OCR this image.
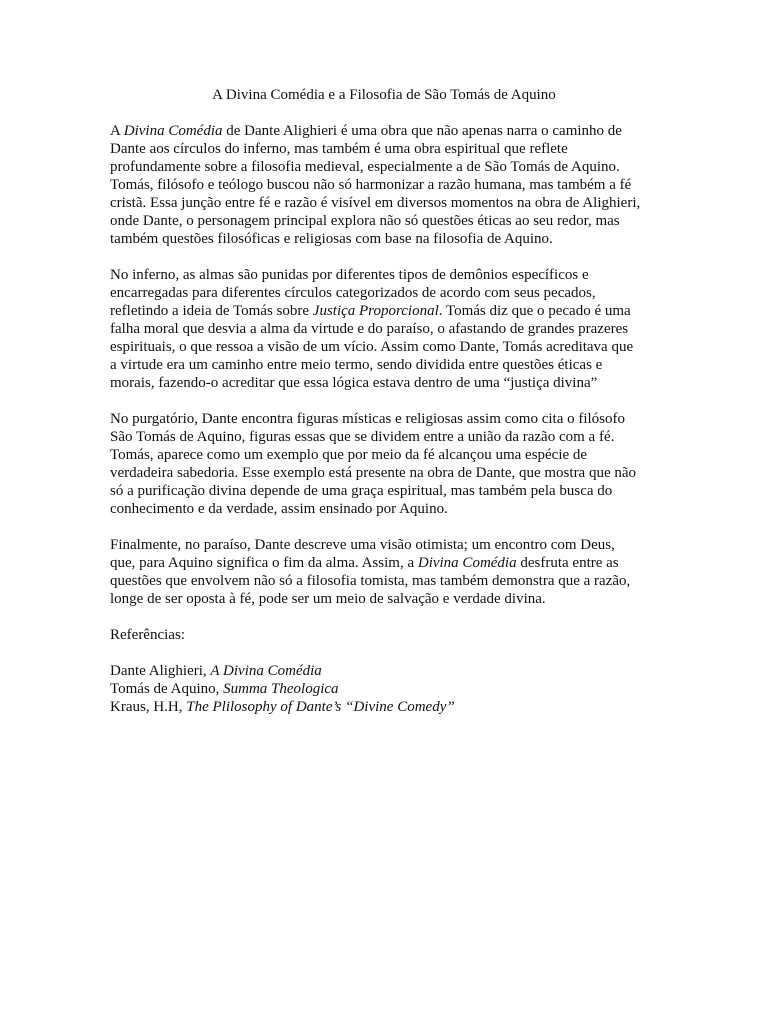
A Divina Comédia e a Filosofia de São Tomás de Aquino
A Divina Comédia de Dante Alighieri é uma obra que não apenas narra o caminho de
Dante aos círculos do inferno, mas também é uma obra espiritual que reflete
profundamente sobre a filosofia medieval, especialmente a de São Tomás de Aquino.
Tomás, filósofo e teólogo buscou não só harmonizar a razão humana, mas também a fé
cristã. Essa junção entre fé e razão é visível em diversos momentos na obra de Alighieri,
onde Dante, o personagem principal explora não só questões éticas ao seu redor, mas
também questões filosóficas e religiosas com base na filosofia de Aquino.
No inferno, as almas são punidas por diferentes tipos de demônios específicos e
encarregadas para diferentes círculos categorizados de acordo com seus pecados,
refletindo a ideia de Tomás sobre Justiça Proporcional. Tomás diz que o pecado é uma
falha moral que desvia a alma da virtude e do paraíso, o afastando de grandes prazeres
espirituais, o que ressoa a visão de um vício. Assim como Dante, Tomás acreditava que
a virtude era um caminho entre meio termo, sendo dividida entre questões éticas e
morais, fazendo-o acreditar que essa lógica estava dentro de uma “justiça divina”
No purgatório, Dante encontra figuras místicas e religiosas assim como cita o filósofo
São Tomás de Aquino, figuras essas que se dividem entre a união da razão com a fé.
Tomás, aparece como um exemplo que por meio da fé alcançou uma espécie de
verdadeira sabedoria. Esse exemplo está presente na obra de Dante, que mostra que não
só a purificação divina depende de uma graça espiritual, mas também pela busca do
conhecimento e da verdade, assim ensinado por Aquino.
Finalmente, no paraíso, Dante descreve uma visão otimista; um encontro com Deus,
que, para Aquino significa o fim da alma. Assim, a Divina Comédia desfruta entre as
questões que envolvem não só a filosofia tomista, mas também demonstra que a razão,
longe de ser oposta à fé, pode ser um meio de salvação e verdade divina.
Referências:
Dante Alighieri, A Divina Comédia
Tomás de Aquino, Summa Theologica
Kraus, H.H, The Plilosophy of Dante’s “Divine Comedy”
